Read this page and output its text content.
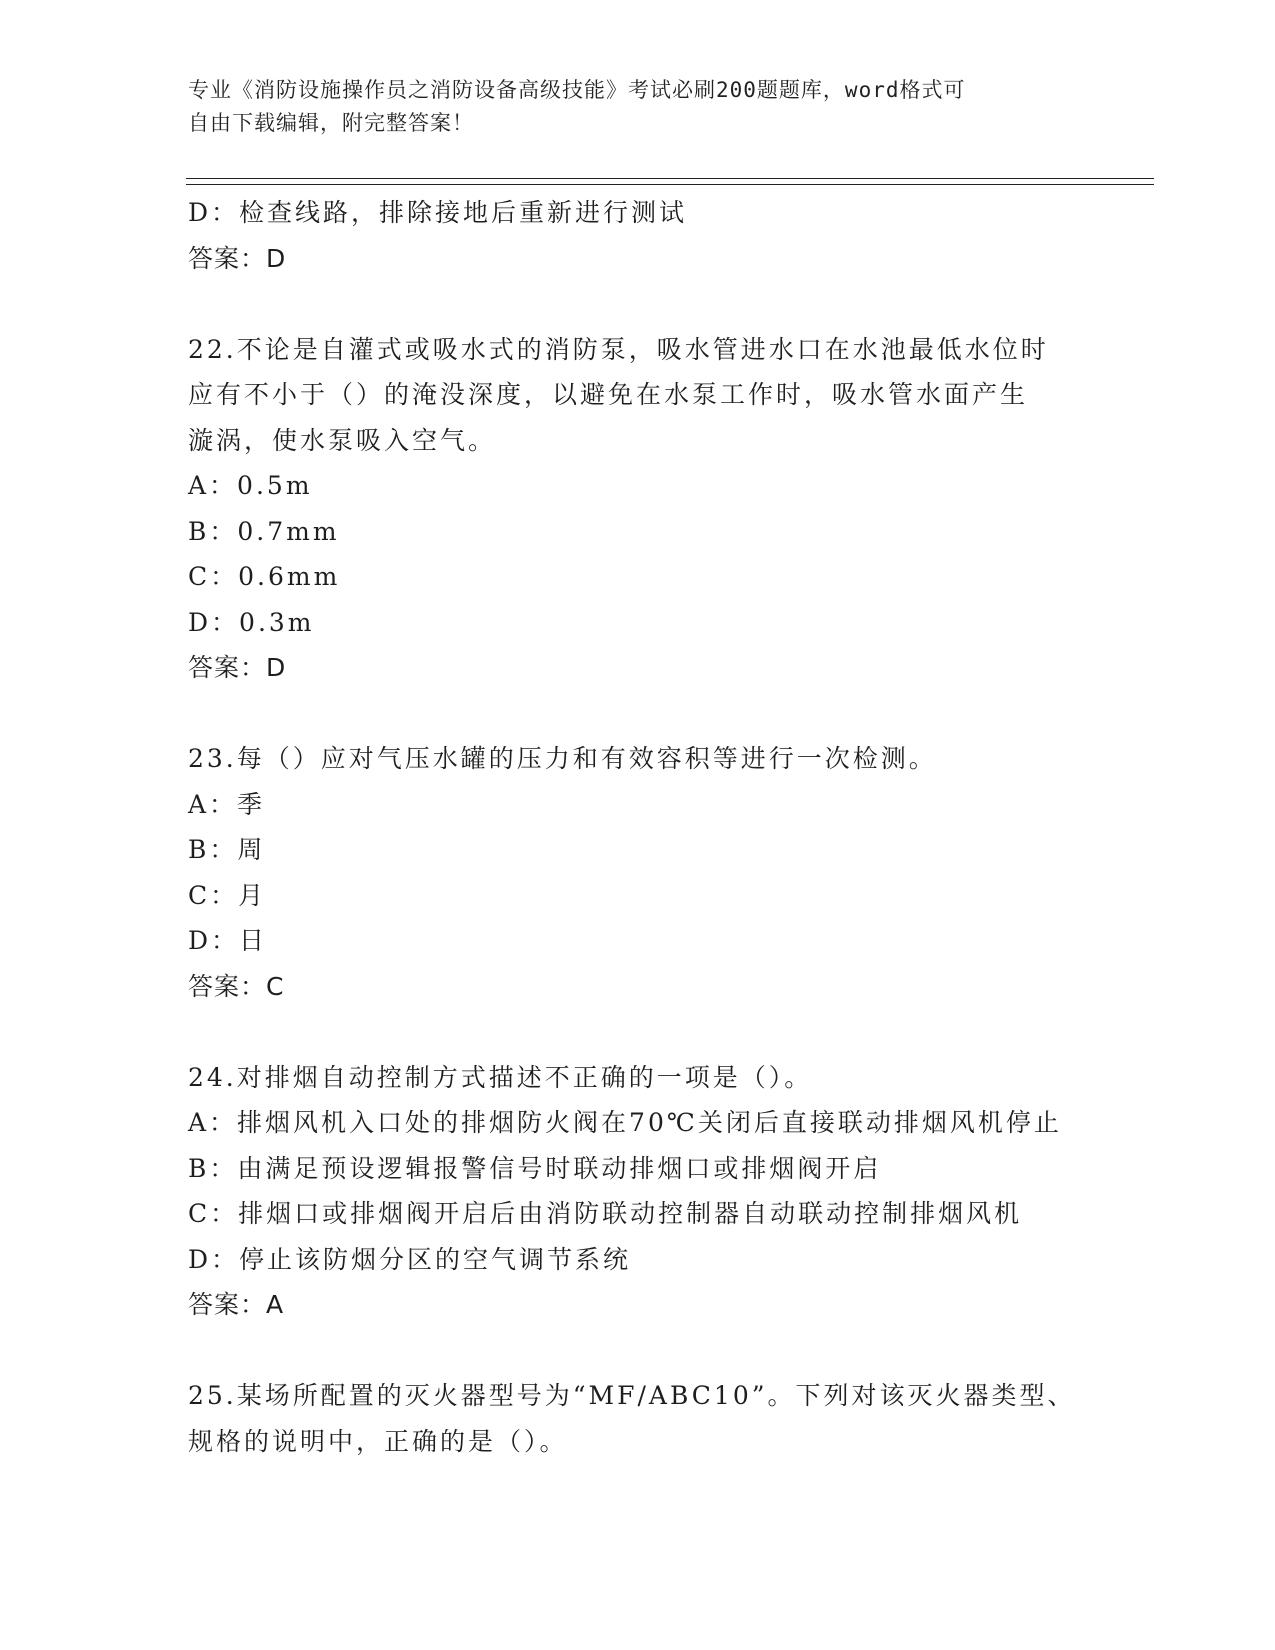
专业《消防设施操作员之消防设备高级技能》考试必刷200题题库，word格式可
自由下载编辑，附完整答案！
D：检查线路，排除接地后重新进行测试
答案：D
22.不论是自灌式或吸水式的消防泵，吸水管进水口在水池最低水位时
应有不小于（）的淹没深度，以避免在水泵工作时，吸水管水面产生
漩涡，使水泵吸入空气。
A：0.5m
B：0.7mm
C：0.6mm
D：0.3m
答案：D
23.每（）应对气压水罐的压力和有效容积等进行一次检测。
A：季
B：周
C：月
D：日
答案：C
24.对排烟自动控制方式描述不正确的一项是（）。
A：排烟风机入口处的排烟防火阀在70℃关闭后直接联动排烟风机停止
B：由满足预设逻辑报警信号时联动排烟口或排烟阀开启
C：排烟口或排烟阀开启后由消防联动控制器自动联动控制排烟风机
D：停止该防烟分区的空气调节系统
答案：A
25.某场所配置的灭火器型号为“MF/ABC10”。下列对该灭火器类型、
规格的说明中，正确的是（）。
